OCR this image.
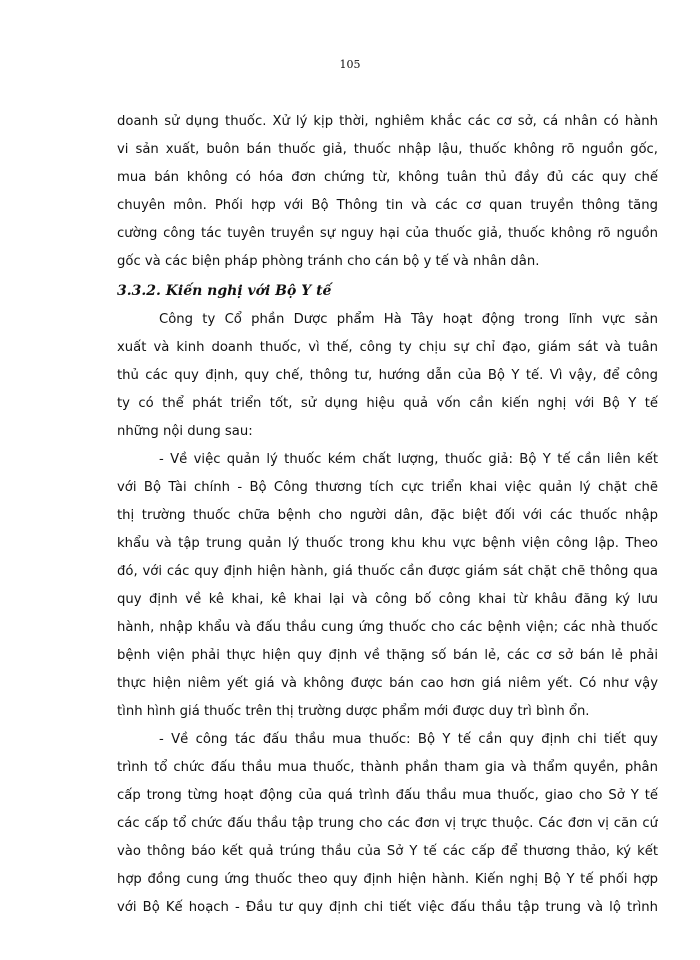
105
doanh sử dụng thuốc. Xử lý kịp thời, nghiêm khắc các cơ sở, cá nhân có hành
vi sản xuất, buôn bán thuốc giả, thuốc nhập lậu, thuốc không rõ nguồn gốc,
mua bán không có hóa đơn chứng từ, không tuân thủ đầy đủ các quy chế
chuyên môn. Phối hợp với Bộ Thông tin và các cơ quan truyền thông tăng
cường công tác tuyên truyền sự nguy hại của thuốc giả, thuốc không rõ nguồn
gốc và các biện pháp phòng tránh cho cán bộ y tế và nhân dân.
3.3.2. Kiến nghị với Bộ Y tế
Công ty Cổ phần Dược phẩm Hà Tây hoạt động trong lĩnh vực sản
xuất và kinh doanh thuốc, vì thế, công ty chịu sự chỉ đạo, giám sát và tuân
thủ các quy định, quy chế, thông tư, hướng dẫn của Bộ Y tế. Vì vậy, để công
ty có thể phát triển tốt, sử dụng hiệu quả vốn cần kiến nghị với Bộ Y tế
những nội dung sau:
- Về việc quản lý thuốc kém chất lượng, thuốc giả: Bộ Y tế cần liên kết
với Bộ Tài chính - Bộ Công thương tích cực triển khai việc quản lý chặt chẽ
thị trường thuốc chữa bệnh cho người dân, đặc biệt đối với các thuốc nhập
khẩu và tập trung quản lý thuốc trong khu khu vực bệnh viện công lập. Theo
đó, với các quy định hiện hành, giá thuốc cần được giám sát chặt chẽ thông qua
quy định về kê khai, kê khai lại và công bố công khai từ khâu đăng ký lưu
hành, nhập khẩu và đấu thầu cung ứng thuốc cho các bệnh viện; các nhà thuốc
bệnh viện phải thực hiện quy định về thặng số bán lẻ, các cơ sở bán lẻ phải
thực hiện niêm yết giá và không được bán cao hơn giá niêm yết. Có như vậy
tình hình giá thuốc trên thị trường dược phẩm mới được duy trì bình ổn.
- Về công tác đấu thầu mua thuốc: Bộ Y tế cần quy định chi tiết quy
trình tổ chức đấu thầu mua thuốc, thành phần tham gia và thẩm quyền, phân
cấp trong từng hoạt động của quá trình đấu thầu mua thuốc, giao cho Sở Y tế
các cấp tổ chức đấu thầu tập trung cho các đơn vị trực thuộc. Các đơn vị căn cứ
vào thông báo kết quả trúng thầu của Sở Y tế các cấp để thương thảo, ký kết
hợp đồng cung ứng thuốc theo quy định hiện hành. Kiến nghị Bộ Y tế phối hợp
với Bộ Kế hoạch - Đầu tư quy định chi tiết việc đấu thầu tập trung và lộ trình
